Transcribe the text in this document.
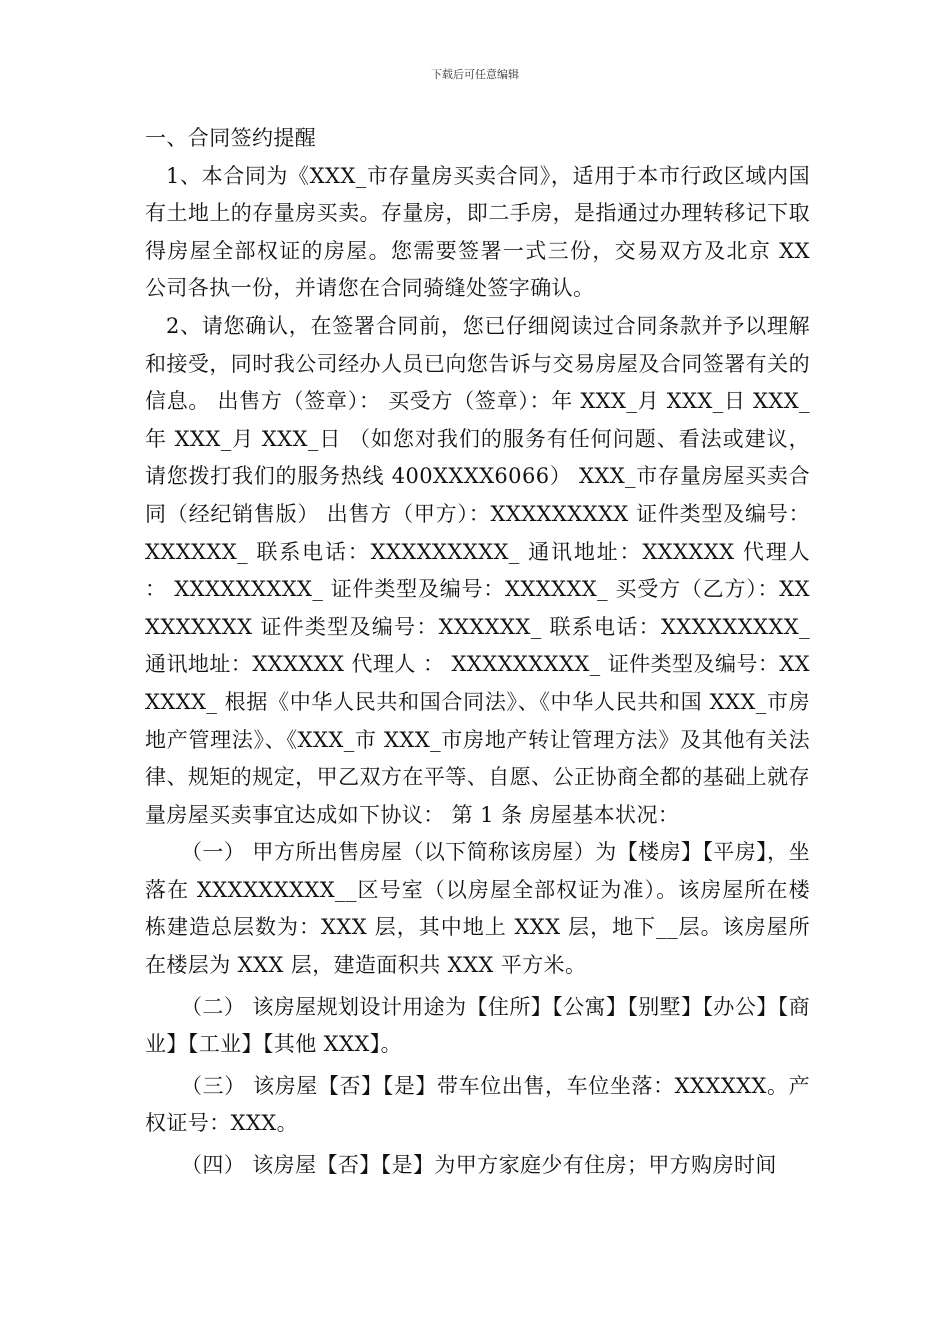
下载后可任意编辑

一、合同签约提醒

1、本合同为《XXX_市存量房买卖合同》，适用于本市行政区域内国有土地上的存量房买卖。存量房，即二手房，是指通过办理转移记下取得房屋全部权证的房屋。您需要签署一式三份，交易双方及北京 XX 公司各执一份，并请您在合同骑缝处签字确认。

2、请您确认，在签署合同前，您已仔细阅读过合同条款并予以理解和接受，同时我公司经办人员已向您告诉与交易房屋及合同签署有关的信息。 出售方（签章）： 买受方（签章）：年 XXX_月 XXX_日 XXX_年 XXX_月 XXX_日 （如您对我们的服务有任何问题、看法或建议，请您拨打我们的服务热线 400XXXX6066） XXX_市存量房屋买卖合同（经纪销售版） 出售方（甲方）：XXXXXXXXX 证件类型及编号：XXXXXX_ 联系电话：XXXXXXXXX_ 通讯地址：XXXXXX 代理人 ： XXXXXXXXX_ 证件类型及编号：XXXXXX_ 买受方（乙方）：XXXXXXXXX 证件类型及编号：XXXXXX_ 联系电话：XXXXXXXXX_ 通讯地址：XXXXXX 代理人 ： XXXXXXXXX_ 证件类型及编号：XXXXXX_ 根据《中华人民共和国合同法》、《中华人民共和国 XXX_市房地产管理法》、《XXX_市 XXX_市房地产转让管理方法》及其他有关法律、规矩的规定，甲乙双方在平等、自愿、公正协商全都的基础上就存量房屋买卖事宜达成如下协议： 第 1 条 房屋基本状况：

（一） 甲方所出售房屋（以下简称该房屋）为【楼房】【平房】，坐落在 XXXXXXXXX__区号室（以房屋全部权证为准）。该房屋所在楼栋建造总层数为：XXX 层，其中地上 XXX 层，地下__层。该房屋所在楼层为 XXX 层，建造面积共 XXX 平方米。

（二） 该房屋规划设计用途为【住所】【公寓】【别墅】【办公】【商业】【工业】【其他 XXX】。

（三） 该房屋【否】【是】带车位出售，车位坐落：XXXXXX。产权证号：XXX。

（四） 该房屋【否】【是】为甲方家庭少有住房；甲方购房时间
